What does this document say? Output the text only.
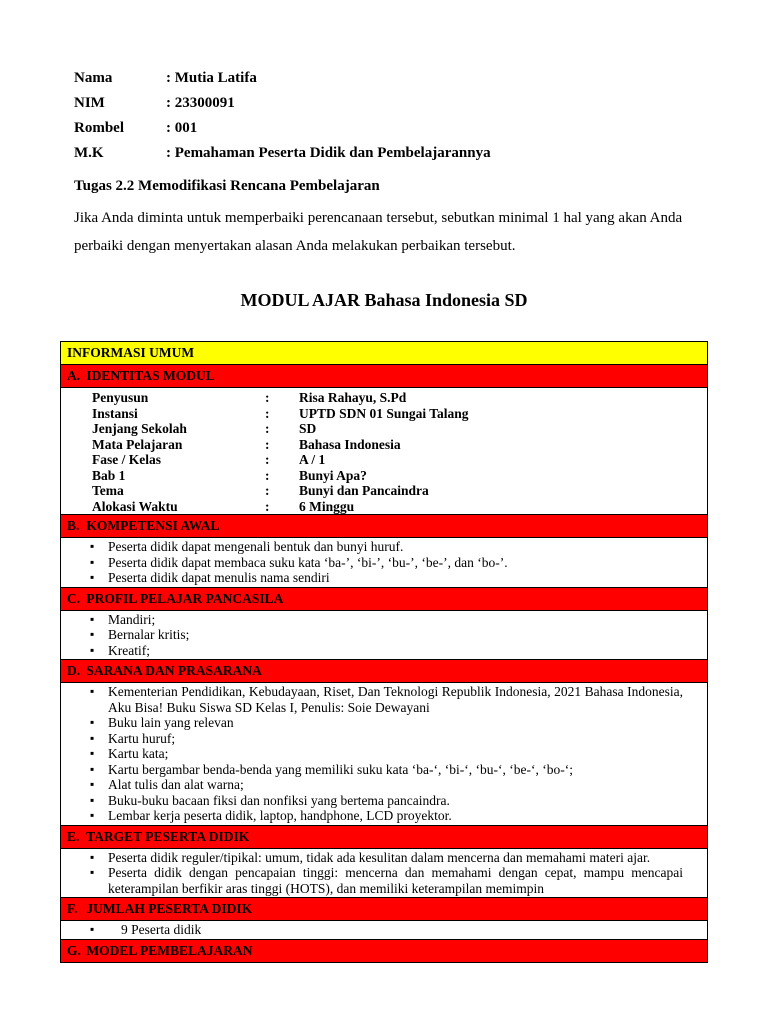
Nama	: Mutia Latifa
NIM	: 23300091
Rombel	: 001
M.K	: Pemahaman Peserta Didik dan Pembelajarannya
Tugas 2.2 Memodifikasi Rencana Pembelajaran
Jika Anda diminta untuk memperbaiki perencanaan tersebut, sebutkan minimal 1 hal yang akan Anda perbaiki dengan menyertakan alasan Anda melakukan perbaikan tersebut.
MODUL AJAR Bahasa Indonesia SD
INFORMASI UMUM
A. IDENTITAS MODUL

Penyusun	:	Risa Rahayu, S.Pd
Instansi	:	UPTD SDN 01 Sungai Talang
Jenjang Sekolah	:	SD
Mata Pelajaran	:	Bahasa Indonesia
Fase / Kelas	:	A / 1
Bab 1	:	Bunyi Apa?
Tema	:	Bunyi dan Pancaindra
Alokasi Waktu	:	6 Minggu

B. KOMPETENSI AWAL

▪ Peserta didik dapat mengenali bentuk dan bunyi huruf.
▪ Peserta didik dapat membaca suku kata ‘ba-’, ‘bi-’, ‘bu-’, ‘be-’, dan ‘bo-’.
▪ Peserta didik dapat menulis nama sendiri

C. PROFIL PELAJAR PANCASILA

▪ Mandiri;
▪ Bernalar kritis;
▪ Kreatif;

D. SARANA DAN PRASARANA

▪ Kementerian Pendidikan, Kebudayaan, Riset, Dan Teknologi Republik Indonesia, 2021 Bahasa Indonesia, Aku Bisa! Buku Siswa SD Kelas I, Penulis: Soie Dewayani
▪ Buku lain yang relevan
▪ Kartu huruf;
▪ Kartu kata;
▪ Kartu bergambar benda-benda yang memiliki suku kata ‘ba-‘, ‘bi-‘, ‘bu-‘, ‘be-‘, ‘bo-‘;
▪ Alat tulis dan alat warna;
▪ Buku-buku bacaan fiksi dan nonfiksi yang bertema pancaindra.
▪ Lembar kerja peserta didik, laptop, handphone, LCD proyektor.

E. TARGET PESERTA DIDIK

▪ Peserta didik reguler/tipikal: umum, tidak ada kesulitan dalam mencerna dan memahami materi ajar.
▪ Peserta didik dengan pencapaian tinggi: mencerna dan memahami dengan cepat, mampu mencapai keterampilan berfikir aras tinggi (HOTS), dan memiliki keterampilan memimpin

F. JUMLAH PESERTA DIDIK

▪ 9 Peserta didik

G. MODEL PEMBELAJARAN
